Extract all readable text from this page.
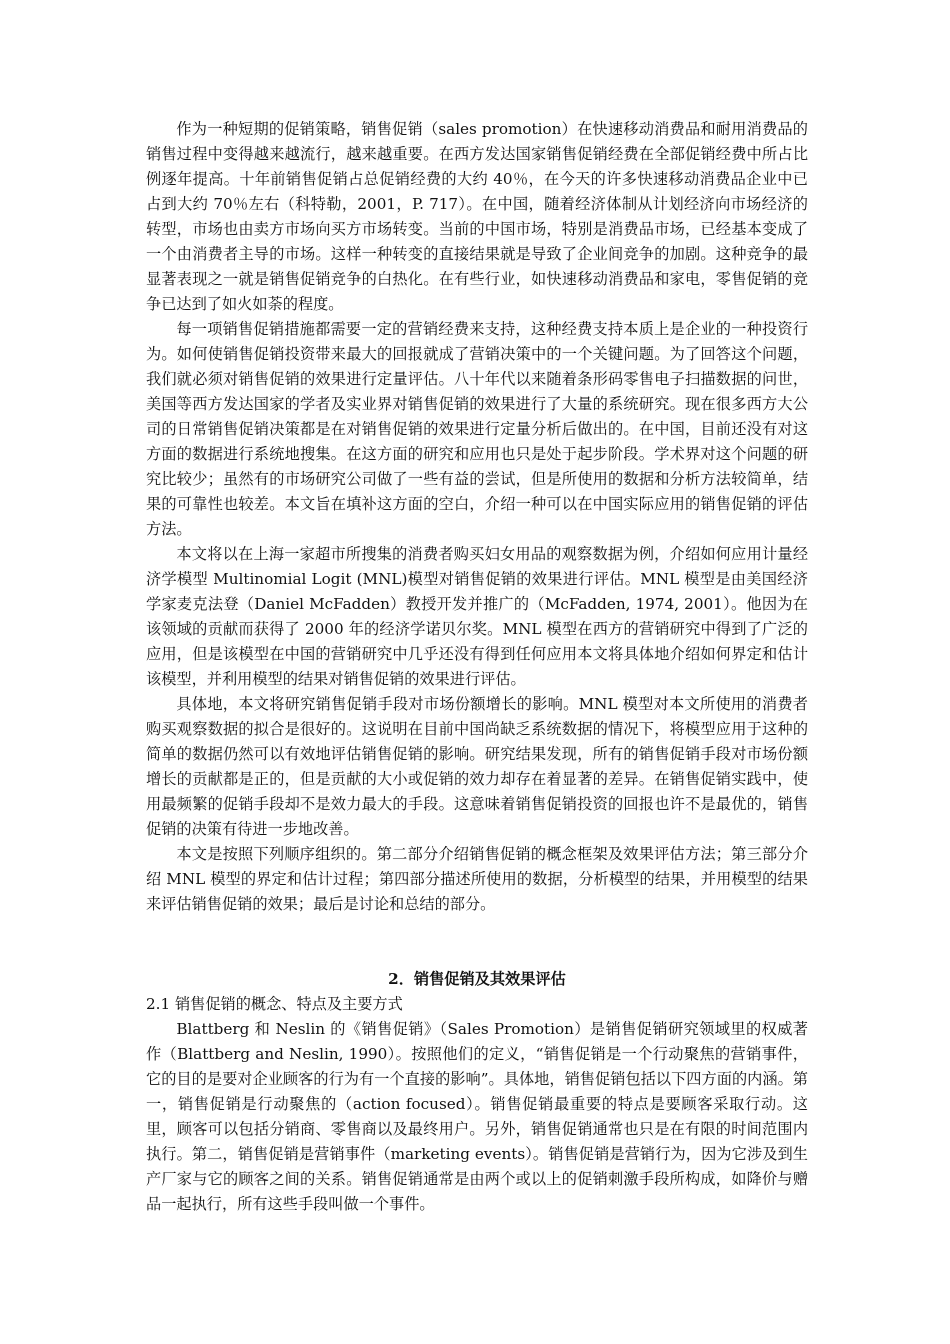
作为一种短期的促销策略，销售促销（sales promotion）在快速移动消费品和耐用消费品的销售过程中变得越来越流行，越来越重要。在西方发达国家销售促销经费在全部促销经费中所占比例逐年提高。十年前销售促销占总促销经费的大约 40％，在今天的许多快速移动消费品企业中已占到大约 70％左右（科特勒，2001，P. 717）。在中国，随着经济体制从计划经济向市场经济的转型，市场也由卖方市场向买方市场转变。当前的中国市场，特别是消费品市场，已经基本变成了一个由消费者主导的市场。这样一种转变的直接结果就是导致了企业间竞争的加剧。这种竞争的最显著表现之一就是销售促销竞争的白热化。在有些行业，如快速移动消费品和家电，零售促销的竞争已达到了如火如荼的程度。

每一项销售促销措施都需要一定的营销经费来支持，这种经费支持本质上是企业的一种投资行为。如何使销售促销投资带来最大的回报就成了营销决策中的一个关键问题。为了回答这个问题，我们就必须对销售促销的效果进行定量评估。八十年代以来随着条形码零售电子扫描数据的问世，美国等西方发达国家的学者及实业界对销售促销的效果进行了大量的系统研究。现在很多西方大公司的日常销售促销决策都是在对销售促销的效果进行定量分析后做出的。在中国，目前还没有对这方面的数据进行系统地搜集。在这方面的研究和应用也只是处于起步阶段。学术界对这个问题的研究比较少；虽然有的市场研究公司做了一些有益的尝试，但是所使用的数据和分析方法较简单，结果的可靠性也较差。本文旨在填补这方面的空白，介绍一种可以在中国实际应用的销售促销的评估方法。

本文将以在上海一家超市所搜集的消费者购买妇女用品的观察数据为例，介绍如何应用计量经济学模型 Multinomial Logit (MNL)模型对销售促销的效果进行评估。MNL 模型是由美国经济学家麦克法登（Daniel McFadden）教授开发并推广的（McFadden, 1974, 2001）。他因为在该领域的贡献而获得了 2000 年的经济学诺贝尔奖。MNL 模型在西方的营销研究中得到了广泛的应用，但是该模型在中国的营销研究中几乎还没有得到任何应用本文将具体地介绍如何界定和估计该模型，并利用模型的结果对销售促销的效果进行评估。

具体地，本文将研究销售促销手段对市场份额增长的影响。MNL 模型对本文所使用的消费者购买观察数据的拟合是很好的。这说明在目前中国尚缺乏系统数据的情况下，将模型应用于这种的简单的数据仍然可以有效地评估销售促销的影响。研究结果发现，所有的销售促销手段对市场份额增长的贡献都是正的，但是贡献的大小或促销的效力却存在着显著的差异。在销售促销实践中，使用最频繁的促销手段却不是效力最大的手段。这意味着销售促销投资的回报也许不是最优的，销售促销的决策有待进一步地改善。

本文是按照下列顺序组织的。第二部分介绍销售促销的概念框架及效果评估方法；第三部分介绍 MNL 模型的界定和估计过程；第四部分描述所使用的数据，分析模型的结果，并用模型的结果来评估销售促销的效果；最后是讨论和总结的部分。

2．销售促销及其效果评估

2.1 销售促销的概念、特点及主要方式

Blattberg 和 Neslin 的《销售促销》（Sales Promotion）是销售促销研究领域里的权威著作（Blattberg and Neslin, 1990）。按照他们的定义，“销售促销是一个行动聚焦的营销事件，它的目的是要对企业顾客的行为有一个直接的影响”。具体地，销售促销包括以下四方面的内涵。第一，销售促销是行动聚焦的（action focused）。销售促销最重要的特点是要顾客采取行动。这里，顾客可以包括分销商、零售商以及最终用户。另外，销售促销通常也只是在有限的时间范围内执行。第二，销售促销是营销事件（marketing events）。销售促销是营销行为，因为它涉及到生产厂家与它的顾客之间的关系。销售促销通常是由两个或以上的促销刺激手段所构成，如降价与赠品一起执行，所有这些手段叫做一个事件。
